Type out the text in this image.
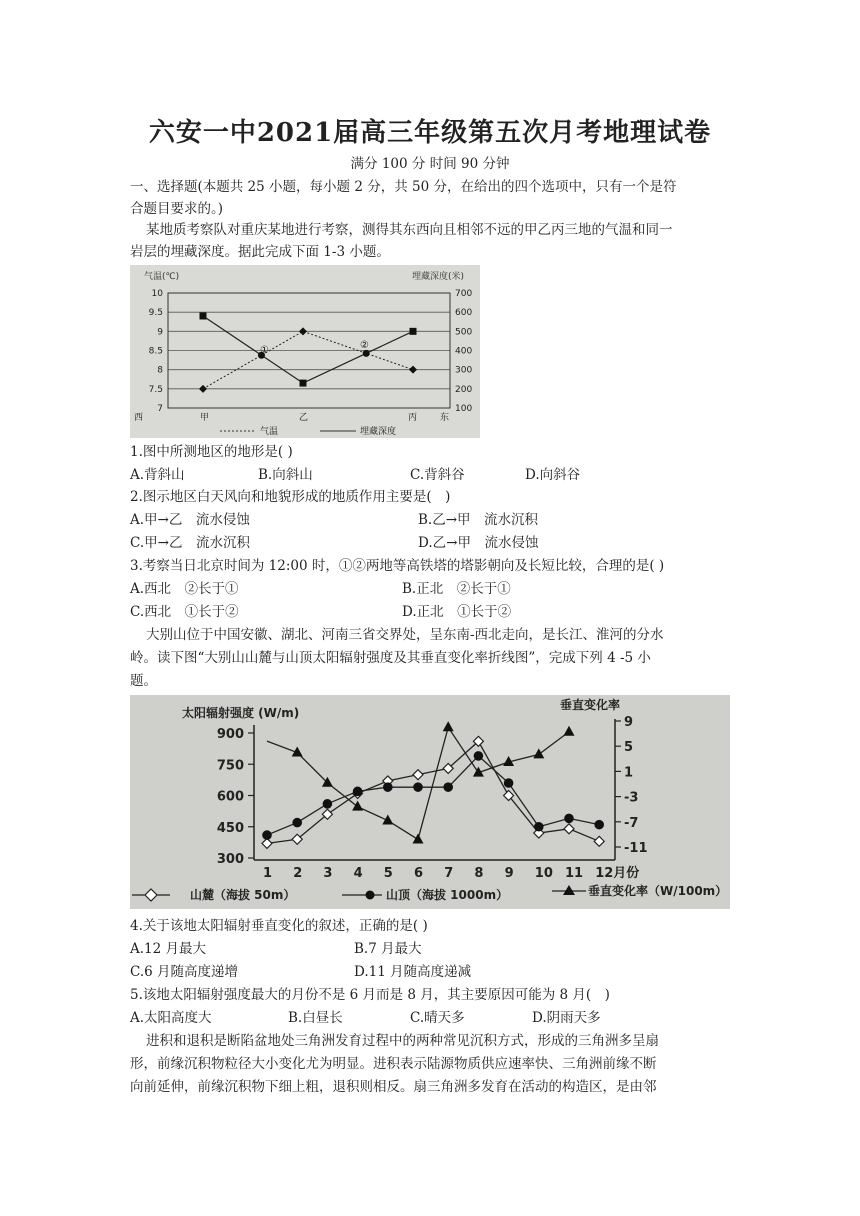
六安一中2021届高三年级第五次月考地理试卷
满分 100 分 时间 90 分钟
一、选择题(本题共 25 小题，每小题 2 分，共 50 分，在给出的四个选项中，只有一个是符
合题目要求的。)
某地质考察队对重庆某地进行考察，测得其东西向且相邻不远的甲乙丙三地的气温和同一
岩层的埋藏深度。据此完成下面 1-3 小题。
气温(℃)	埋藏深度(米)
10
9.5
9
8.5
8
7.5
7
700
600
500
400
300
200
100
西	甲	乙	丙	东
①	②
气温	埋藏深度
1.图中所测地区的地形是( )
A.背斜山	B.向斜山	C.背斜谷	D.向斜谷
2.图示地区白天风向和地貌形成的地质作用主要是(　)
A.甲→乙　流水侵蚀	B.乙→甲　流水沉积
C.甲→乙　流水沉积	D.乙→甲　流水侵蚀
3.考察当日北京时间为 12:00 时，①②两地等高铁塔的塔影朝向及长短比较，合理的是( )
A.西北　②长于①	B.正北　②长于①
C.西北　①长于②	D.正北　①长于②
大别山位于中国安徽、湖北、河南三省交界处，呈东南-西北走向，是长江、淮河的分水
岭。读下图“大别山山麓与山顶太阳辐射强度及其垂直变化率折线图”，完成下列 4 -5 小
题。
太阳辐射强度 (W/m)
垂直变化率
900
750
600
450
300
9
5
1
-3
-7
-11
1 2 3 4 5 6 7 8 9 10 11 12月份
山麓（海拔 50m）	山顶（海拔 1000m）	垂直变化率（W/100m）
4.关于该地太阳辐射垂直变化的叙述，正确的是( )
A.12 月最大	B.7 月最大
C.6 月随高度递增	D.11 月随高度递减
5.该地太阳辐射强度最大的月份不是 6 月而是 8 月，其主要原因可能为 8 月(　)
A.太阳高度大	B.白昼长	C.晴天多	D.阴雨天多
进积和退积是断陷盆地处三角洲发育过程中的两种常见沉积方式，形成的三角洲多呈扇
形，前缘沉积物粒径大小变化尤为明显。进积表示陆源物质供应速率快、三角洲前缘不断
向前延伸，前缘沉积物下细上粗，退积则相反。扇三角洲多发育在活动的构造区，是由邻
